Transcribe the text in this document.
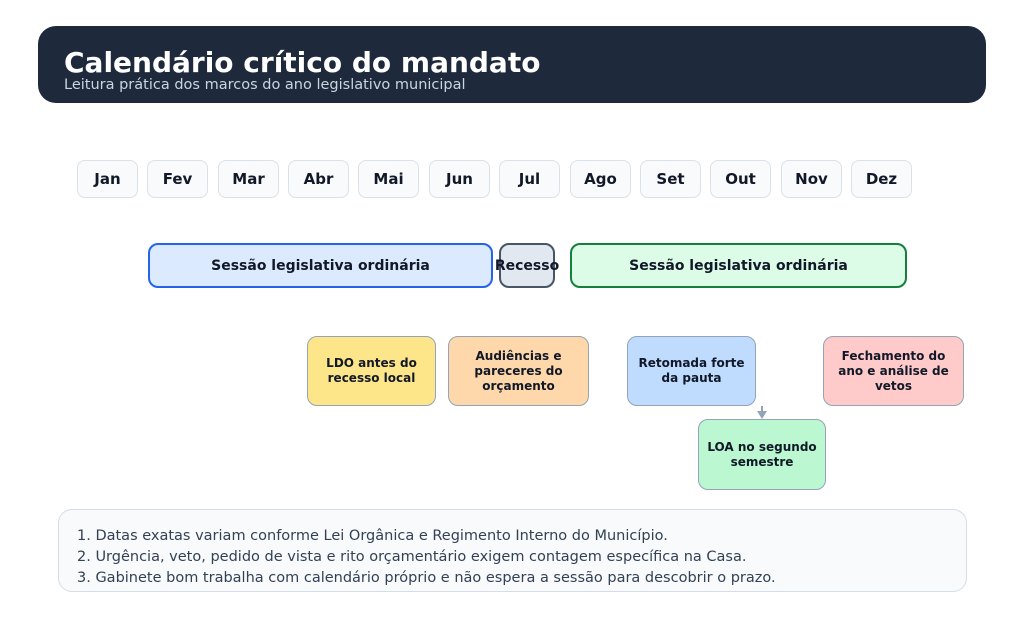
Calendário crítico do mandato
Leitura prática dos marcos do ano legislativo municipal
Jan	Fev	Mar	Abr	Mai	Jun	Jul	Ago	Set	Out	Nov	Dez
Sessão legislativa ordinária	Recesso	Sessão legislativa ordinária
LDO antes do recesso local
Audiências e pareceres do orçamento
Retomada forte da pauta
Fechamento do ano e análise de vetos
LOA no segundo semestre
1. Datas exatas variam conforme Lei Orgânica e Regimento Interno do Município.
2. Urgência, veto, pedido de vista e rito orçamentário exigem contagem específica na Casa.
3. Gabinete bom trabalha com calendário próprio e não espera a sessão para descobrir o prazo.
